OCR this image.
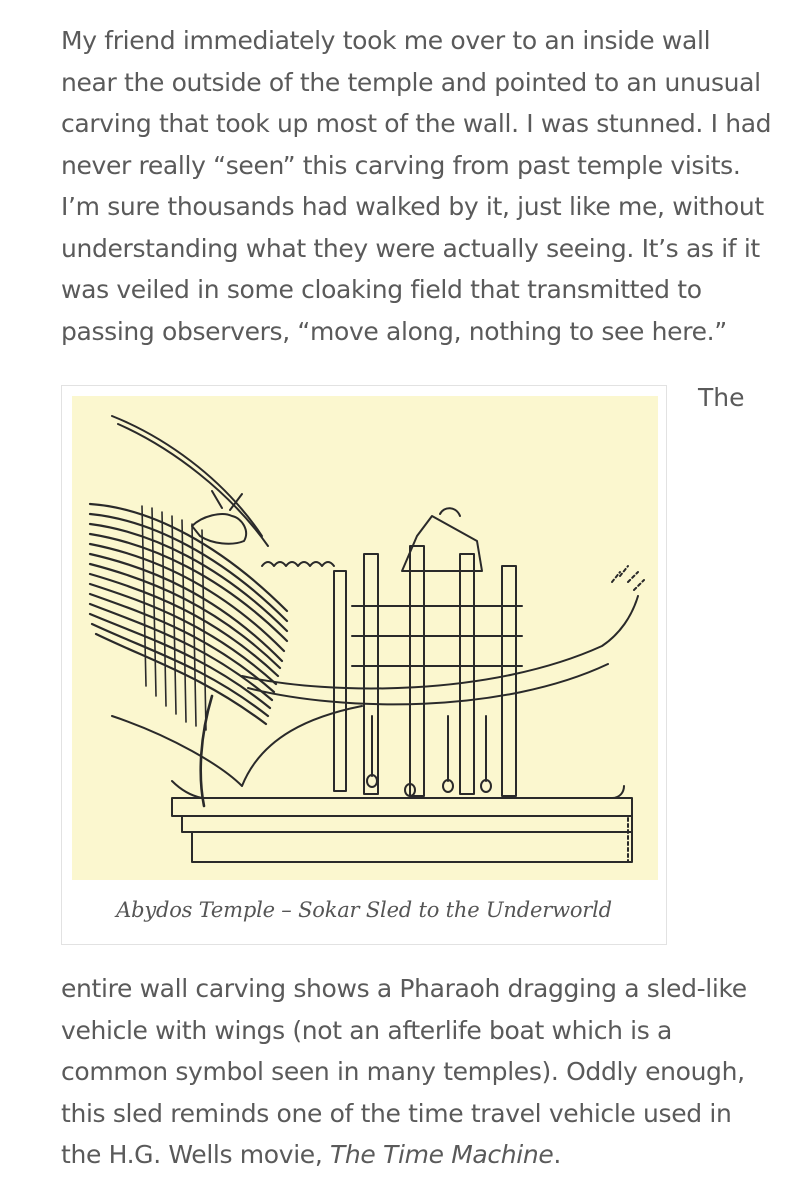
My friend immediately took me over to an inside wall
near the outside of the temple and pointed to an unusual
carving that took up most of the wall. I was stunned. I had
never really “seen” this carving from past temple visits.
I’m sure thousands had walked by it, just like me, without
understanding what they were actually seeing. It’s as if it
was veiled in some cloaking field that transmitted to
passing observers, “move along, nothing to see here.”

Abydos Temple – Sokar Sled to the Underworld
The

entire wall carving shows a Pharaoh dragging a sled-like
vehicle with wings (not an afterlife boat which is a
common symbol seen in many temples). Oddly enough,
this sled reminds one of the time travel vehicle used in
the H.G. Wells movie, The Time Machine.
